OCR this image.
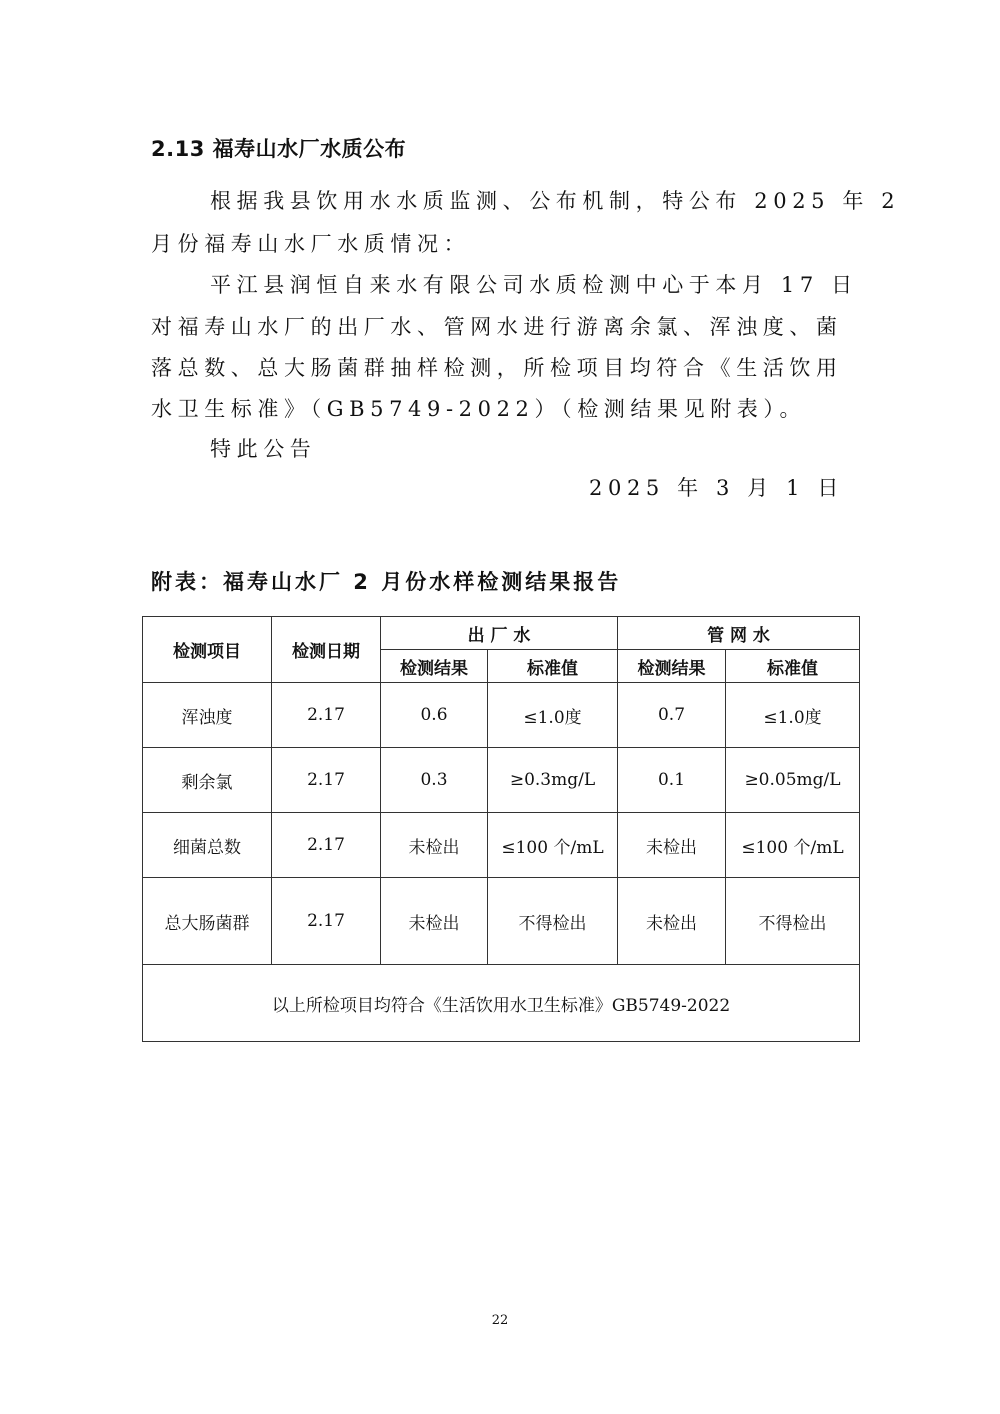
2.13 福寿山水厂水质公布
根据我县饮用水水质监测、公布机制，特公布 2025 年 2
月份福寿山水厂水质情况：
平江县润恒自来水有限公司水质检测中心于本月 17 日
对福寿山水厂的出厂水、管网水进行游离余氯、浑浊度、菌
落总数、总大肠菌群抽样检测，所检项目均符合《生活饮用
水卫生标准》（GB5749-2022）（检测结果见附表）。
特此公告
2025 年 3 月 1 日
附表：福寿山水厂 2 月份水样检测结果报告
检测项目	检测日期	出 厂 水		管 网 水	
		检测结果	标准值	检测结果	标准值
浑浊度	2.17	0.6	≤1.0度	0.7	≤1.0度
剩余氯	2.17	0.3	≥0.3mg/L	0.1	≥0.05mg/L
细菌总数	2.17	未检出	≤100 个/mL	未检出	≤100 个/mL
总大肠菌群	2.17	未检出	不得检出	未检出	不得检出
以上所检项目均符合《生活饮用水卫生标准》GB5749-2022					
22
